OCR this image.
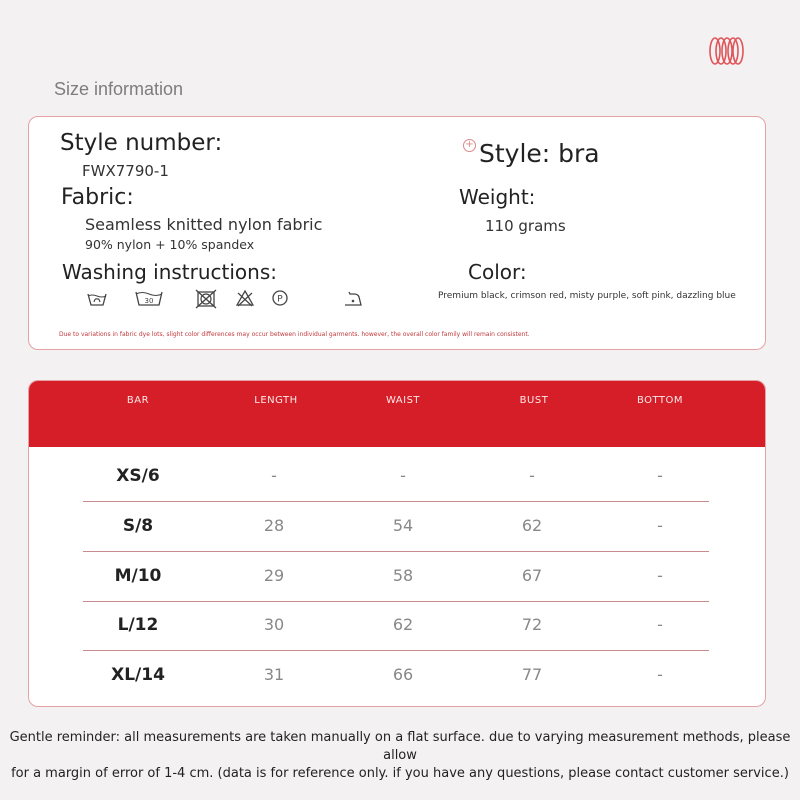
Size information
Style number:
FWX7790-1
+ Style: bra
Fabric:
Seamless knitted nylon fabric
90% nylon + 10% spandex
Weight:
110 grams
Washing instructions:	Color:
Premium black, crimson red, misty purple, soft pink, dazzling blue
30	P
Due to variations in fabric dye lots, slight color differences may occur between individual garments. however, the overall color family will remain consistent.
BAR	LENGTH	WAIST	BUST	BOTTOM
XS/6	-	-	-	-
S/8	28	54	62	-
M/10	29	58	67	-
L/12	30	62	72	-
XL/14	31	66	77	-
Gentle reminder: all measurements are taken manually on a flat surface. due to varying measurement methods, please allow
for a margin of error of 1-4 cm. (data is for reference only. if you have any questions, please contact customer service.)
